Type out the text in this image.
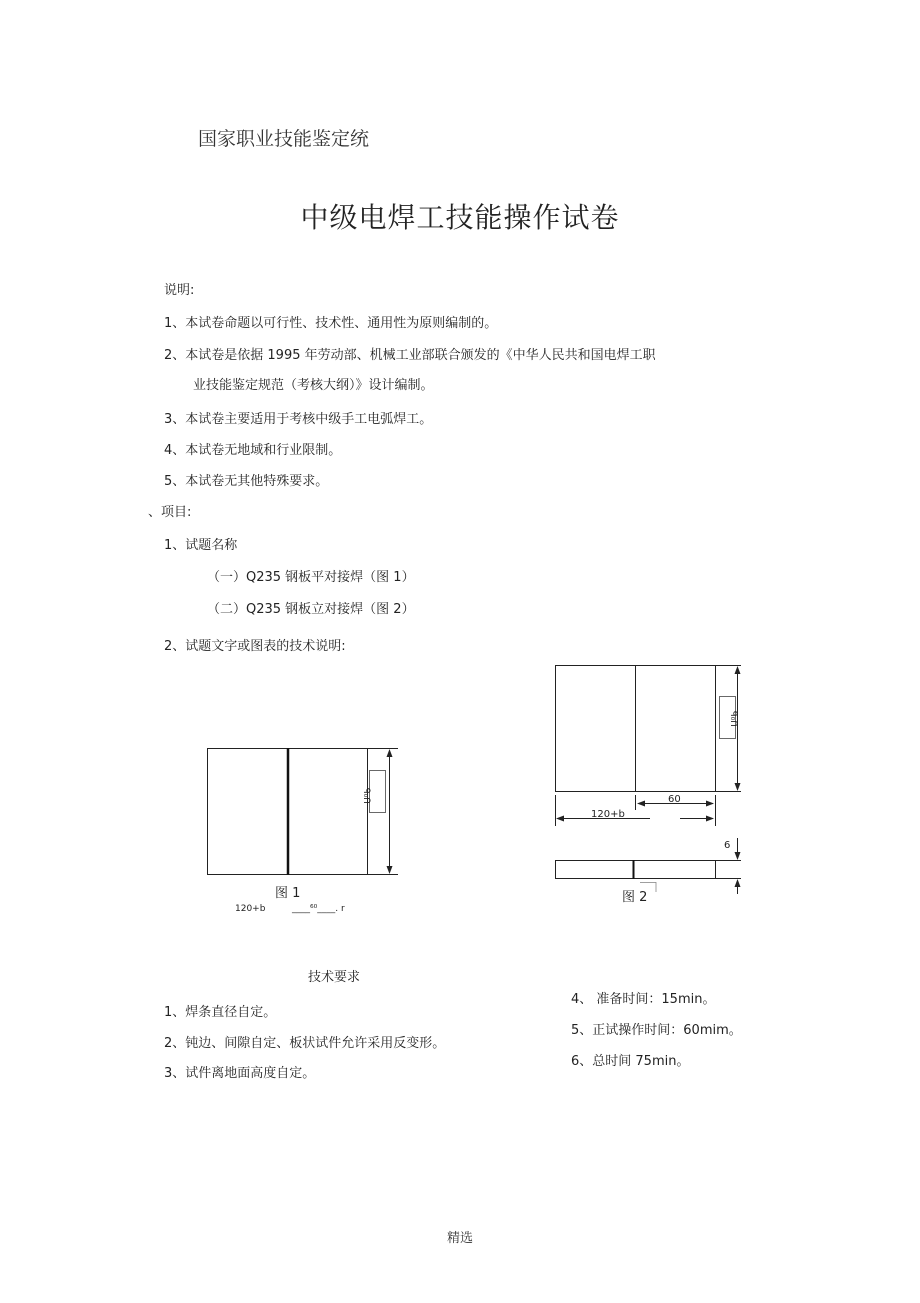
国家职业技能鉴定统
中级电焊工技能操作试卷
说明:
1、本试卷命题以可行性、技术性、通用性为原则编制的。
2、本试卷是依据 1995 年劳动部、机械工业部联合颁发的《中华人民共和国电焊工职
业技能鉴定规范（考核大纲）》设计编制。
3、本试卷主要适用于考核中级手工电弧焊工。
4、本试卷无地域和行业限制。
5、本试卷无其他特殊要求。
、项目:
1、试题名称
（一）Q235 钢板平对接焊（图 1）
（二）Q235 钢板立对接焊（图 2）
2、试题文字或图表的技术说明:
ᑫ₀ᑎ
图 1
120+b	____⁶⁰____. r
ᑫ₀ᑎ
60
120+b
6
图 2
技术要求
1、焊条直径自定。
2、钝边、间隙自定、板状试件允许采用反变形。
3、试件离地面高度自定。
4、 准备时间：15min。
5、正试操作时间：60mim。
6、总时间 75min。
精选
